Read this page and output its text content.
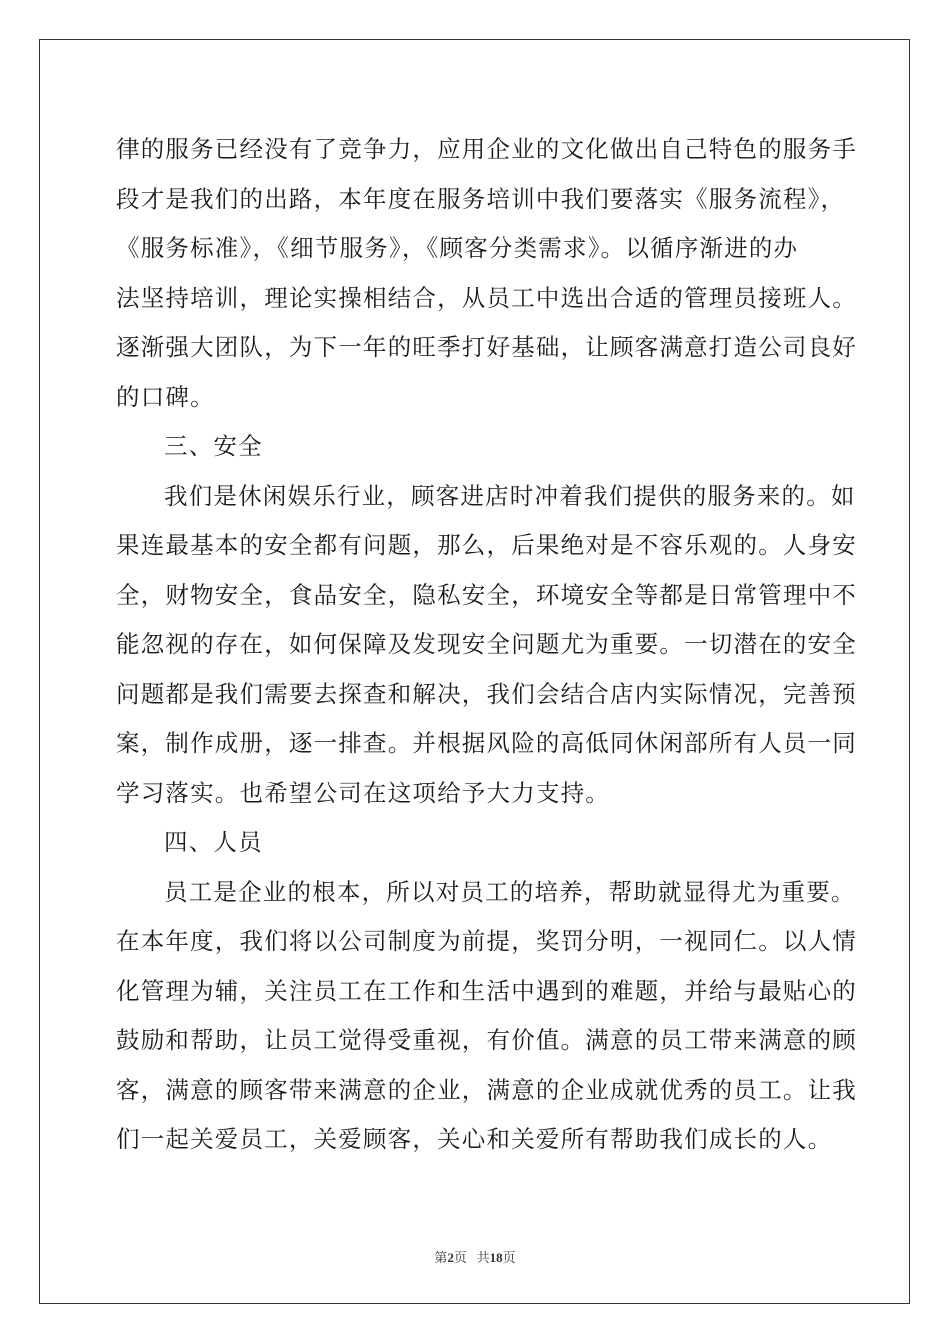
律的服务已经没有了竞争力，应用企业的文化做出自己特色的服务手
段才是我们的出路，本年度在服务培训中我们要落实《服务流程》，
《服务标准》，《细节服务》，《顾客分类需求》。以循序渐进的办
法坚持培训，理论实操相结合，从员工中选出合适的管理员接班人。
逐渐强大团队，为下一年的旺季打好基础，让顾客满意打造公司良好
的口碑。
三、安全
我们是休闲娱乐行业，顾客进店时冲着我们提供的服务来的。如
果连最基本的安全都有问题，那么，后果绝对是不容乐观的。人身安
全，财物安全，食品安全，隐私安全，环境安全等都是日常管理中不
能忽视的存在，如何保障及发现安全问题尤为重要。一切潜在的安全
问题都是我们需要去探查和解决，我们会结合店内实际情况，完善预
案，制作成册，逐一排查。并根据风险的高低同休闲部所有人员一同
学习落实。也希望公司在这项给予大力支持。
四、人员
员工是企业的根本，所以对员工的培养，帮助就显得尤为重要。
在本年度，我们将以公司制度为前提，奖罚分明，一视同仁。以人情
化管理为辅，关注员工在工作和生活中遇到的难题，并给与最贴心的
鼓励和帮助，让员工觉得受重视，有价值。满意的员工带来满意的顾
客，满意的顾客带来满意的企业，满意的企业成就优秀的员工。让我
们一起关爱员工，关爱顾客，关心和关爱所有帮助我们成长的人。
第2页 共18页
